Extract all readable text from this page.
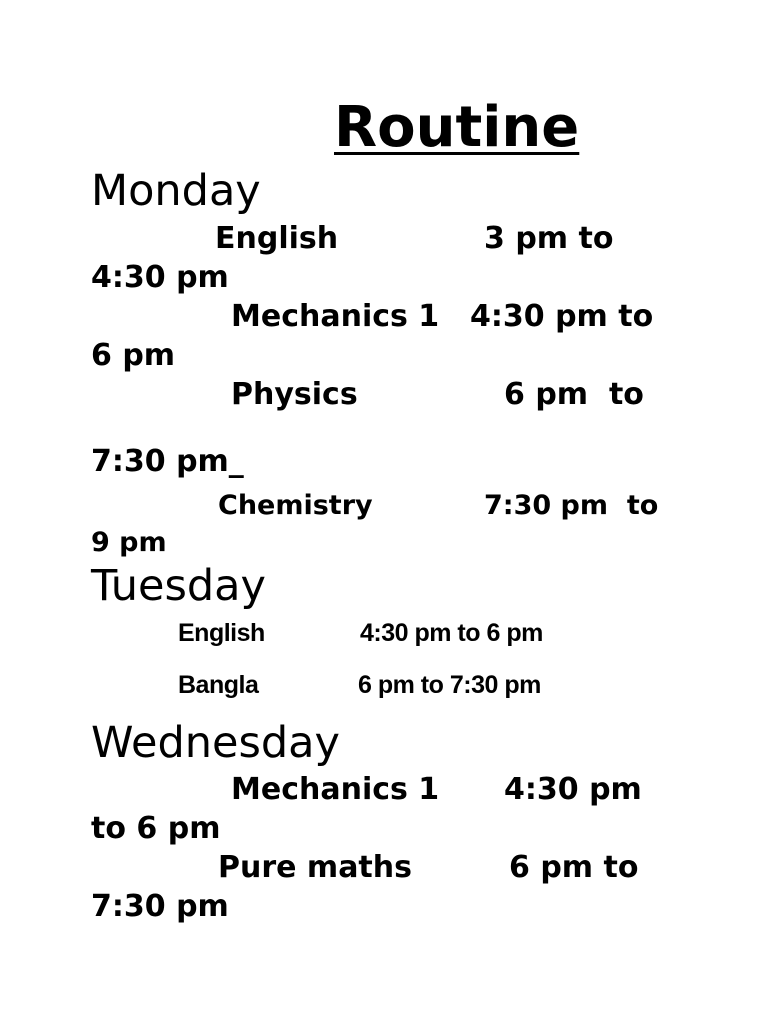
Routine
Monday
English	3 pm to
4:30 pm
Mechanics 1 4:30 pm to
6 pm
Physics	6 pm  to
7:30 pm_
Chemistry	7:30 pm  to
9 pm
Tuesday
English	4:30 pm to 6 pm
Bangla	6 pm to 7:30 pm
Wednesday
Mechanics 1 4:30 pm
to 6 pm
Pure maths	6 pm to
7:30 pm
